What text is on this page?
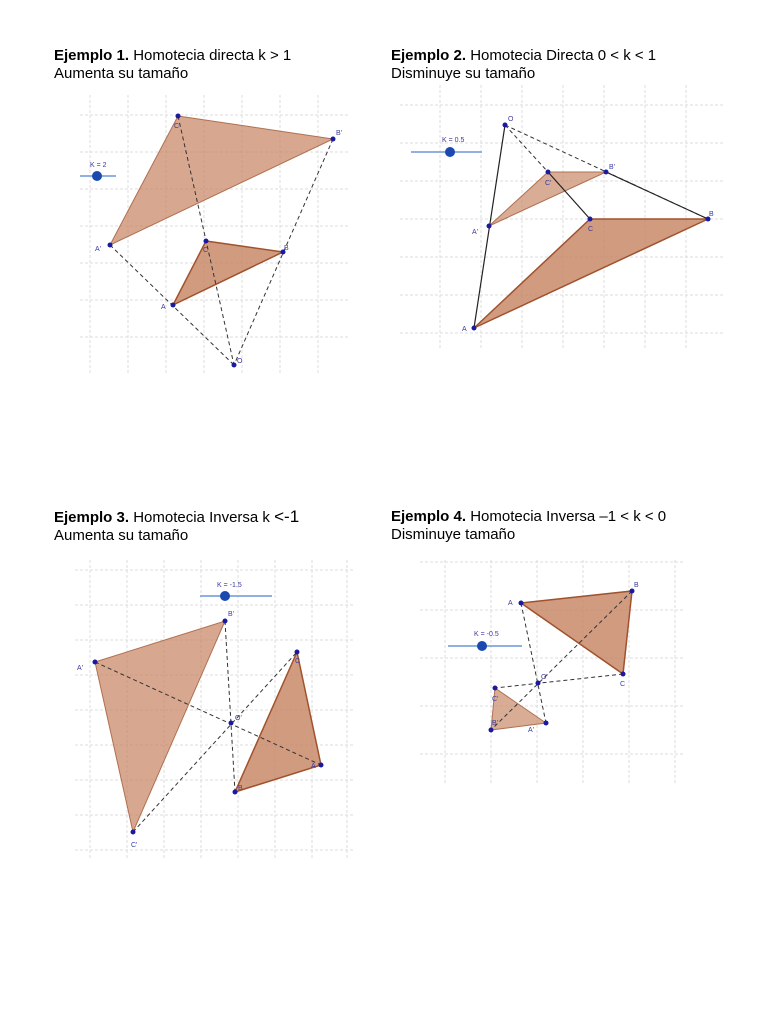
Ejemplo 1. Homotecia directa k > 1
Aumenta su tamaño
C'
B'
A'	C	B
A
O
K = 2
Ejemplo 2. Homotecia Directa 0 < k < 1
Disminuye su tamaño
O
C'
B'
A'	C
B
A
K = 0.5
Ejemplo 3. Homotecia Inversa k <-1
Aumenta su tamaño
A'
B'
C'
C
A
B
O'
K = -1.5
Ejemplo 4. Homotecia Inversa –1 < k < 0
Disminuye tamaño
A
B
C
C'
A'
B'
O'
K = -0.5
